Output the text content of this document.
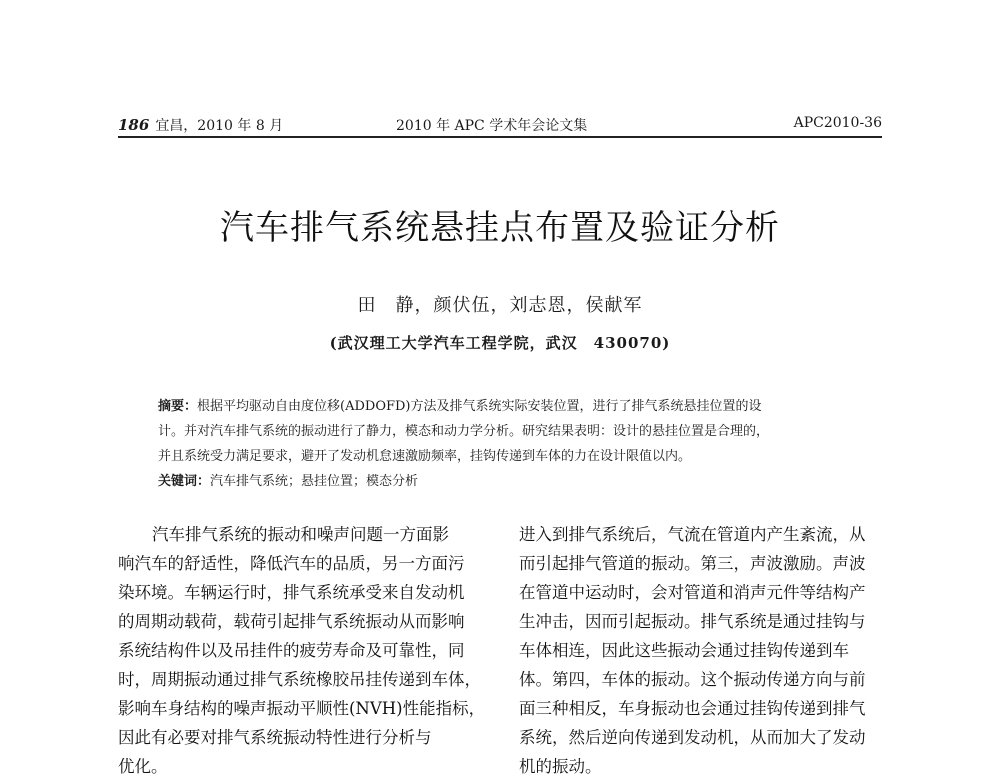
186 宜昌，2010 年 8 月	2010 年 APC 学术年会论文集	APC2010-36
汽车排气系统悬挂点布置及验证分析
田　静，颜伏伍，刘志恩，侯献军
(武汉理工大学汽车工程学院，武汉　430070)
摘要：根据平均驱动自由度位移(ADDOFD)方法及排气系统实际安装位置，进行了排气系统悬挂位置的设
计。并对汽车排气系统的振动进行了静力，模态和动力学分析。研究结果表明：设计的悬挂位置是合理的，
并且系统受力满足要求，避开了发动机怠速激励频率，挂钩传递到车体的力在设计限值以内。
关键词：汽车排气系统；悬挂位置；模态分析
汽车排气系统的振动和噪声问题一方面影
响汽车的舒适性，降低汽车的品质，另一方面污
染环境。车辆运行时，排气系统承受来自发动机
的周期动载荷，载荷引起排气系统振动从而影响
系统结构件以及吊挂件的疲劳寿命及可靠性，同
时，周期振动通过排气系统橡胶吊挂传递到车体，
影响车身结构的噪声振动平顺性(NVH)性能指标，
因此有必要对排气系统振动特性进行分析与
优化。
进入到排气系统后，气流在管道内产生紊流，从
而引起排气管道的振动。第三，声波激励。声波
在管道中运动时，会对管道和消声元件等结构产
生冲击，因而引起振动。排气系统是通过挂钩与
车体相连，因此这些振动会通过挂钩传递到车
体。第四，车体的振动。这个振动传递方向与前
面三种相反，车身振动也会通过挂钩传递到排气
系统，然后逆向传递到发动机，从而加大了发动
机的振动。
